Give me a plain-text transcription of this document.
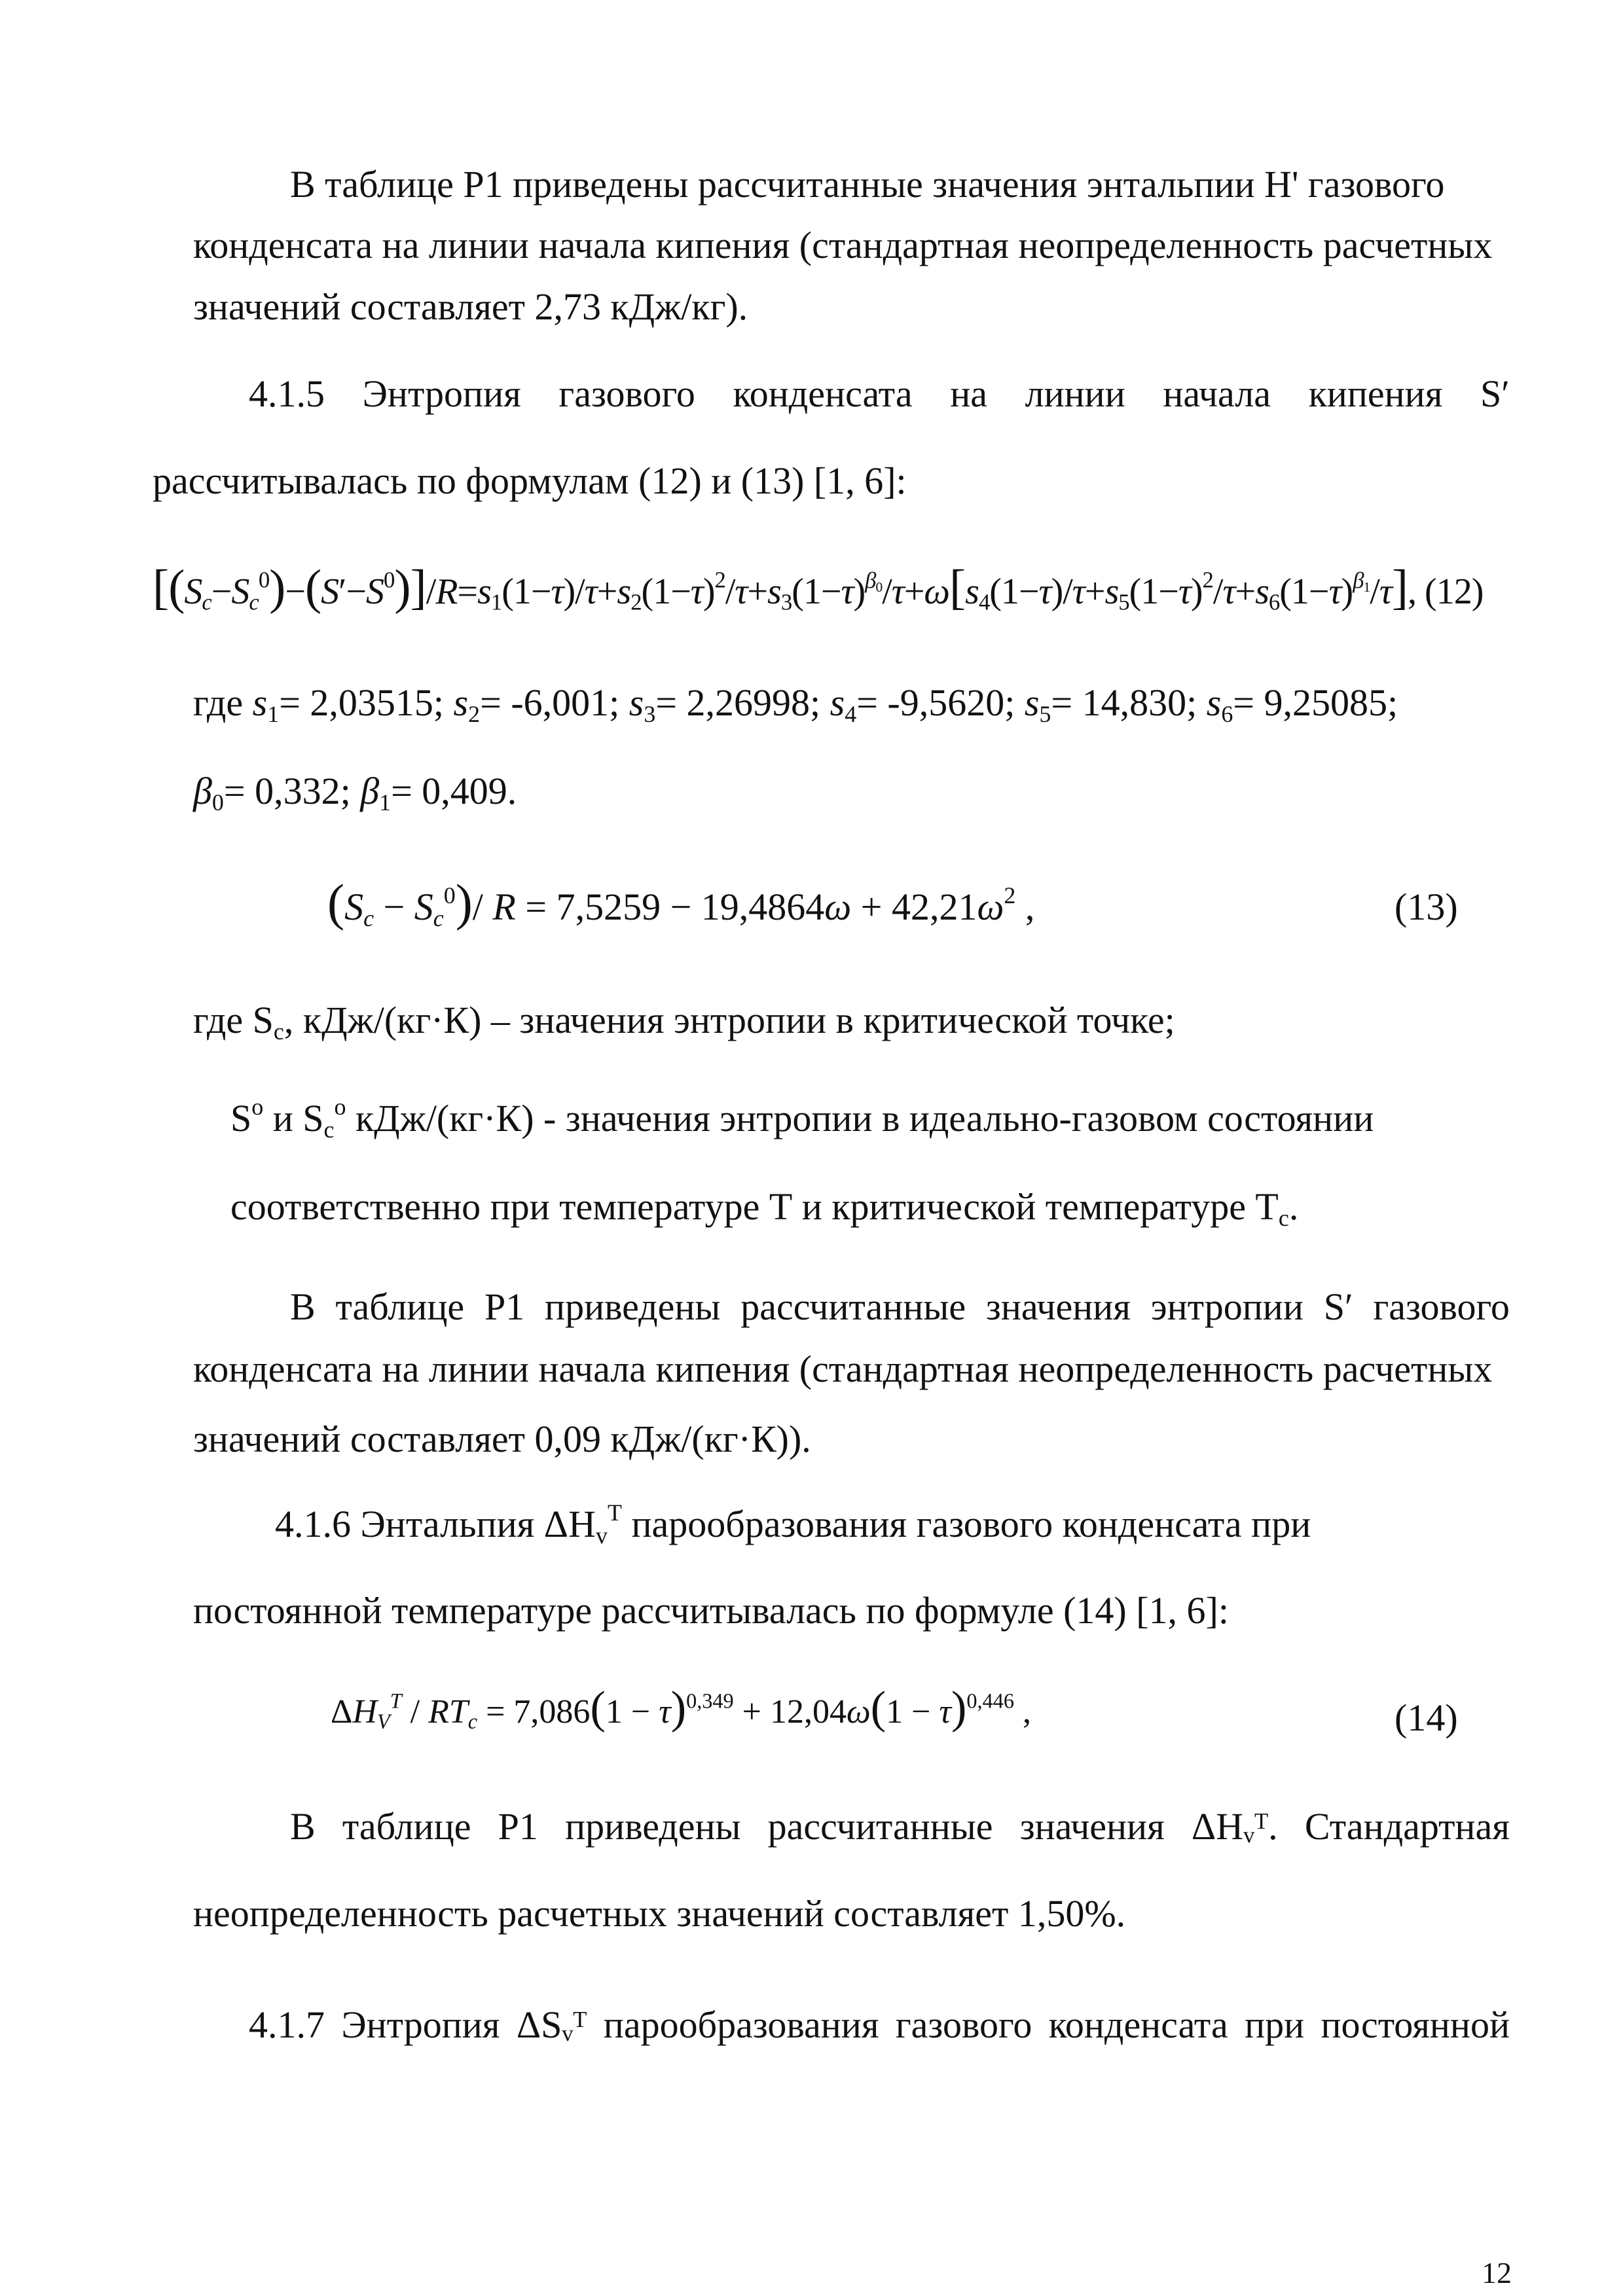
В таблице Р1 приведены рассчитанные значения энтальпии H' газового
конденсата на линии начала кипения (стандартная неопределенность расчетных
значений составляет 2,73 кДж/кг).
4.1.5 Энтропия газового конденсата на линии начала кипения S′
рассчитывалась по формулам (12) и (13) [1, 6]:
$[(S_c-S_c^0)-(S'-S^0)]/R=s_1(1-\tau)/\tau+s_2(1-\tau)^2/\tau+s_3(1-\tau)^{\beta_0}/\tau+\omega[s_4(1-\tau)/\tau+s_5(1-\tau)^2/\tau+s_6(1-\tau)^{\beta_1}/\tau]$, (12)
где $s_1= 2,03515$; $s_2= -6,001$; $s_3= 2,26998$; $s_4= -9,5620$; $s_5= 14,830$; $s_6= 9,25085$;
$\beta_0= 0,332$; $\beta_1= 0,409$.
$(S_c - S_c^0)/$ $R = 7,5259 - 19,4864\omega + 42,21\omega^2$ ,	(13)
где $S_c$, кДж/(кг·К) – значения энтропии в критической точке;
$S^o$ и $S_c^o$ кДж/(кг·К) - значения энтропии в идеально-газовом состоянии
соответственно при температуре Т и критической температуре $Т_c$.
В таблице Р1 приведены рассчитанные значения энтропии S′ газового
конденсата на линии начала кипения (стандартная неопределенность расчетных
значений составляет 0,09 кДж/(кг·К)).
4.1.6 Энтальпия $\Delta H_v^T$ парообразования газового конденсата при
постоянной температуре рассчитывалась по формуле (14) [1, 6]:
$\Delta H_V^T / RT_c = 7,086(1 - \tau)^{0,349} + 12,04\omega(1 - \tau)^{0,446}$ ,	(14)
В таблице Р1 приведены рассчитанные значения ΔHᵥᵀ. Стандартная
неопределенность расчетных значений составляет 1,50%.
4.1.7 Энтропия ΔSᵥᵀ парообразования газового конденсата при постоянной
12
